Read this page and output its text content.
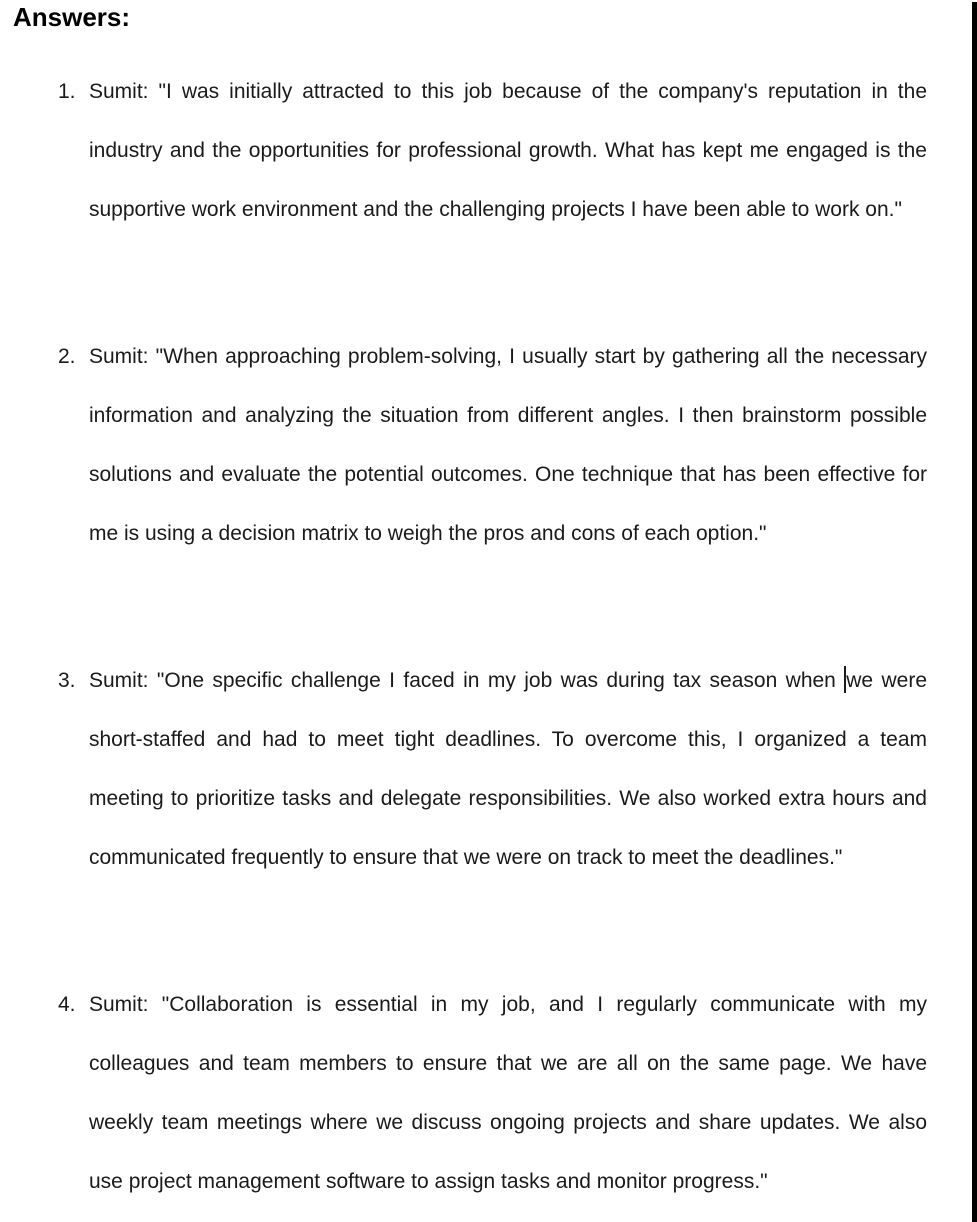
Answers:
1. Sumit: "I was initially attracted to this job because of the company's reputation in the industry and the opportunities for professional growth. What has kept me engaged is the supportive work environment and the challenging projects I have been able to work on."

2. Sumit: "When approaching problem-solving, I usually start by gathering all the necessary information and analyzing the situation from different angles. I then brainstorm possible solutions and evaluate the potential outcomes. One technique that has been effective for me is using a decision matrix to weigh the pros and cons of each option."

3. Sumit: "One specific challenge I faced in my job was during tax season when we were short-staffed and had to meet tight deadlines. To overcome this, I organized a team meeting to prioritize tasks and delegate responsibilities. We also worked extra hours and communicated frequently to ensure that we were on track to meet the deadlines."

4. Sumit: "Collaboration is essential in my job, and I regularly communicate with my colleagues and team members to ensure that we are all on the same page. We have weekly team meetings where we discuss ongoing projects and share updates. We also use project management software to assign tasks and monitor progress."
